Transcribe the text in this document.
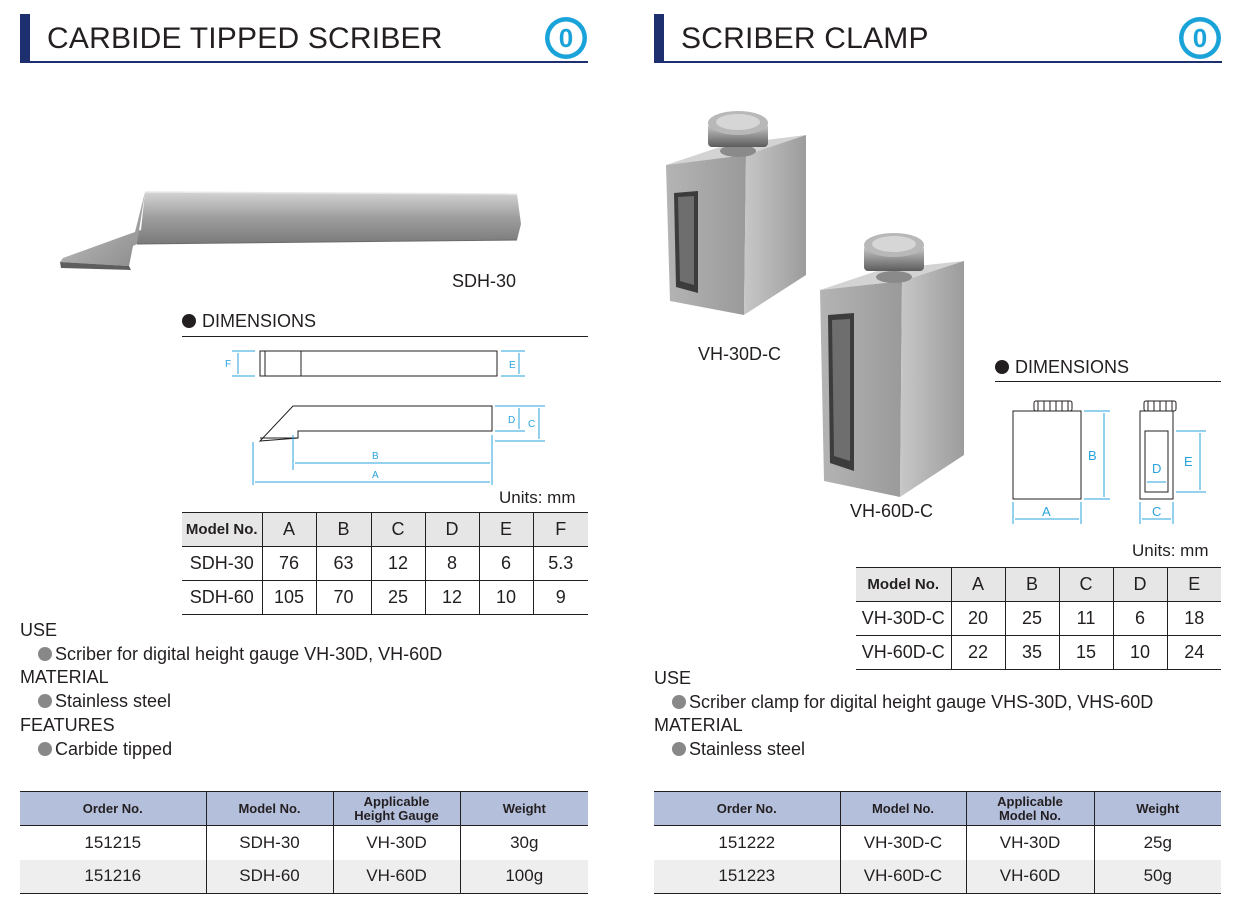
CARBIDE TIPPED SCRIBER	0
SDH-30
DIMENSIONS
B
A
F	E
D C
Units: mm
Model No.	A	B	C	D	E	F
SDH-30	76	63	12	8	6	5.3
SDH-60	105	70	25	12	10	9
USE
Scriber for digital height gauge VH-30D, VH-60D
MATERIAL
Stainless steel
FEATURES
Carbide tipped
Order No.	Model No.	Applicable Height Gauge	Weight
151215	SDH-30	VH-30D	30g
151216	SDH-60	VH-60D	100g
SCRIBER CLAMP	0
VH-30D-C
VH-60D-C
DIMENSIONS
A
B
C
D E
Units: mm
Model No.	A	B	C	D	E
VH-30D-C	20	25	11	6	18
VH-60D-C	22	35	15	10	24
USE
Scriber clamp for digital height gauge VHS-30D, VHS-60D
MATERIAL
Stainless steel
Order No.	Model No.	Applicable Model No.	Weight
151222	VH-30D-C	VH-30D	25g
151223	VH-60D-C	VH-60D	50g
